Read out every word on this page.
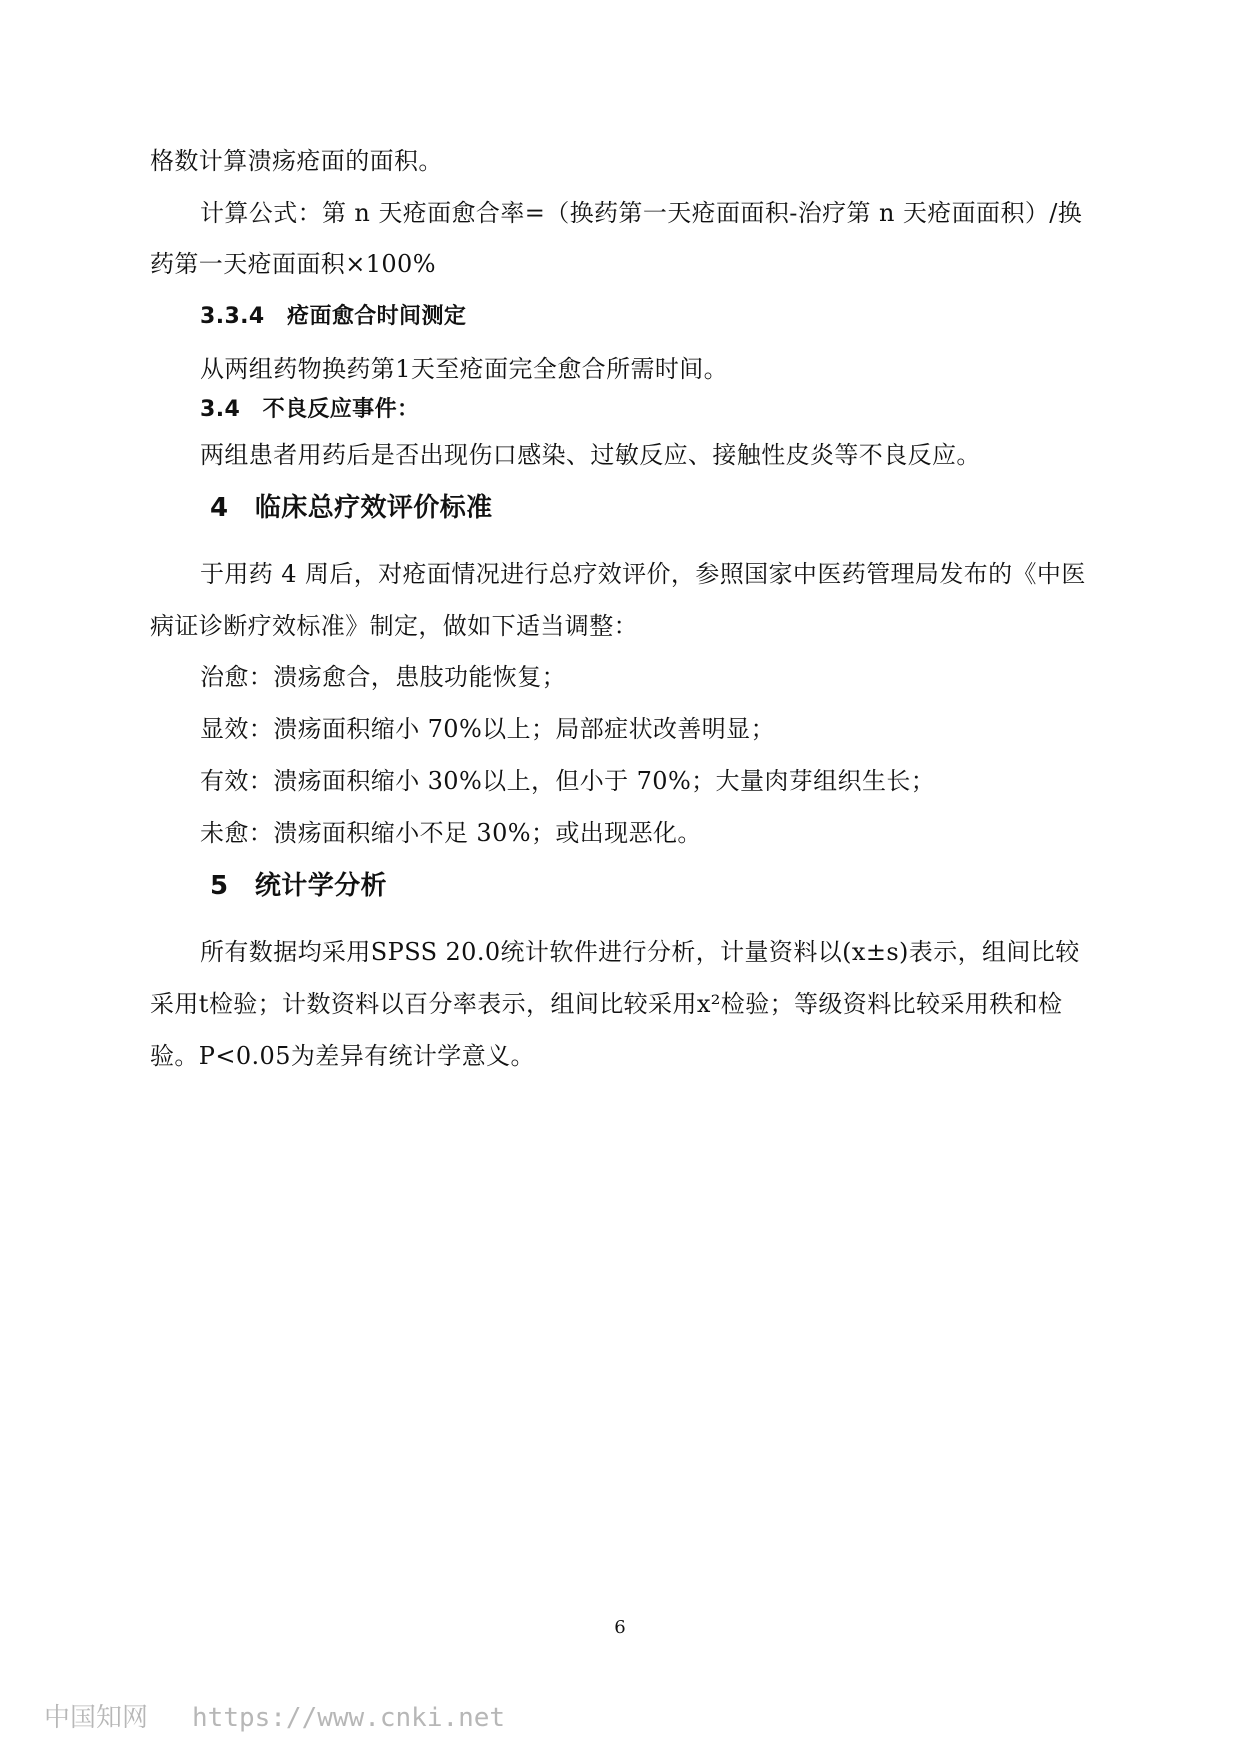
格数计算溃疡疮面的面积。
计算公式：第 n 天疮面愈合率=（换药第一天疮面面积-治疗第 n 天疮面面积）/换
药第一天疮面面积×100%
3.3.4　疮面愈合时间测定
从两组药物换药第1天至疮面完全愈合所需时间。
3.4　不良反应事件：
两组患者用药后是否出现伤口感染、过敏反应、接触性皮炎等不良反应。
4　临床总疗效评价标准
于用药 4 周后，对疮面情况进行总疗效评价，参照国家中医药管理局发布的《中医
病证诊断疗效标准》制定，做如下适当调整：
治愈：溃疡愈合，患肢功能恢复；
显效：溃疡面积缩小 70%以上；局部症状改善明显；
有效：溃疡面积缩小 30%以上，但小于 70%；大量肉芽组织生长；
未愈：溃疡面积缩小不足 30%；或出现恶化。
5　统计学分析
所有数据均采用SPSS 20.0统计软件进行分析，计量资料以(x±s)表示，组间比较
采用t检验；计数资料以百分率表示，组间比较采用x²检验；等级资料比较采用秩和检
验。P<0.05为差异有统计学意义。
6
中国知网 https://www.cnki.net
